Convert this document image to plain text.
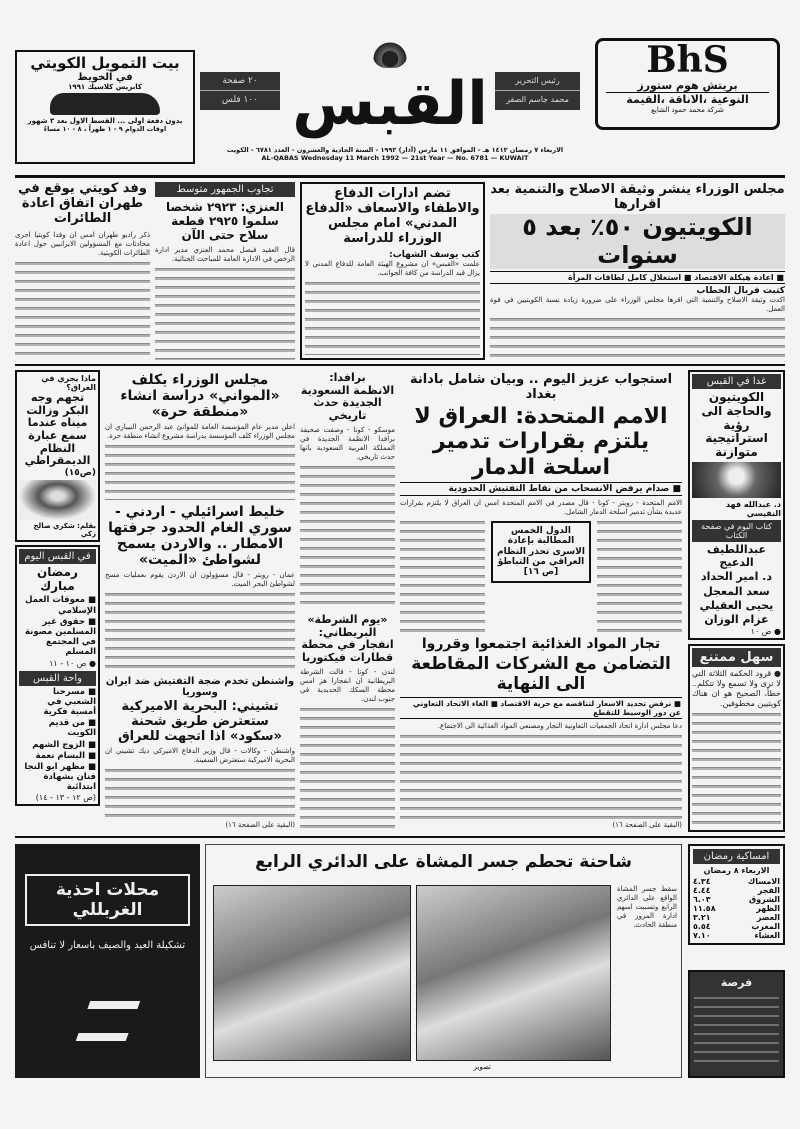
BhS
بريتش هوم ستورز
النوعية ،الاناقة ،القيمة
شركة محمد حمود الشايع
رئيس التحرير
محمد جاسم الصقر
القبس
٢٠ صفحة
١٠٠ فلس
الاربعاء ٧ رمضان ١٤١٢ هـ - الموافق ١١ مارس (آذار) ١٩٩٢ - السنة الحادية والعشرون - العدد ٦٧٨١ - الكويت
AL-QABAS Wednesday 11 March 1992 — 21st Year — No. 6781 — KUWAIT
بيت التمويل الكويتي
في الخويط
كابريس كلاسيك ١٩٩١
بدون دفعة اولى ... القسط الاول بعد ٣ شهور
اوقات الدوام ٩ - ١ ظهراً ، ٨ - ١٠ مساءً
مجلس الوزراء ينشر وثيقة الاصلاح والتنمية بعد اقرارها
الكويتيون ٥٠٪ بعد ٥ سنوات
■ اعادة هيكلة الاقتصاد ■ استغلال كامل لطاقات المرأة
كتبت فريال الحطاب
اكدت وثيقة الاصلاح والتنمية التي اقرها مجلس الوزراء على ضرورة زيادة نسبة الكويتيين في قوة العمل.
تضم ادارات الدفاع والاطفاء والاسعاف «الدفاع المدني» امام مجلس الوزراء للدراسة
كتب يوسف الشهاب:
علمت «القبس» ان مشروع الهيئة العامة للدفاع المدني لا يزال قيد الدراسة من كافة الجوانب.
تجاوب الجمهور متوسط
العنزي: ٢٩٢٣ شخصا سلموا ٢٩٢٥ قطعة سلاح حتى الآن
قال العقيد فيصل محمد العنزي مدير ادارة الرخص في الادارة العامة للمباحث الجنائية.
وفد كويتي يوقع في طهران اتفاق اعادة الطائرات
ذكر راديو طهران امس ان وفدا كويتيا اجرى محادثات مع المسؤولين الايرانيين حول اعادة الطائرات الكويتية.
غدا في القبس
الكويتيون والحاجة الى رؤية استراتيجية متوازنة
د. عبدالله فهد النفيسي
كتاب اليوم في صفحة الكتاب
عبداللطيف الدعيج
د. امير الحداد
سعد المعجل
يحيى العقيلي
عزام الوزان
● ص ١٠
سهل ممتنع
● قرود الحكمة الثلاثة التي لا ترى ولا تسمع ولا تتكلم.. خطأ، الصحيح هو ان هناك كويتيين مخطوفين.
استجواب عزيز اليوم .. وبيان شامل بادانة بغداد
الامم المتحدة: العراق لا يلتزم بقرارات تدمير اسلحة الدمار
■ صدام يرفض الانسحاب من نقاط التفتيش الحدودية
الامم المتحدة - رويتر - كونا - قال مصدر في الامم المتحدة امس ان العراق لا يلتزم بقرارات عديدة بشأن تدمير اسلحة الدمار الشامل.
الدول الخمس المطالبة بإعادة الاسرى تحذر النظام العراقي من التباطؤ [ص ١٦]
تجار المواد الغذائية اجتمعوا وقرروا
التضامن مع الشركات المقاطعة الى النهاية
■ نرفض تحديد الاسعار لتناقضه مع حرية الاقتصاد ■ الغاء الاتحاد التعاوني عن دور الوسيط للتقطع
دعا مجلس ادارة اتحاد الجمعيات التعاونية التجار ومصنعي المواد الغذائية الى الاجتماع.
(البقية على الصفحة ١٦)
برافدا:
الانظمة السعودية الجديدة حدث تاريخي
موسكو - كونا - وصفت صحيفة برافدا الانظمة الجديدة في المملكة العربية السعودية بانها حدث تاريخي.
«يوم الشرطة» البريطاني: انفجار في محطة قطارات فيكتوريا
لندن - كونا - قالت الشرطة البريطانية ان انفجارا هز امس محطة السكك الحديدية في جنوب لندن.
مجلس الوزراء يكلف «المواني» دراسة انشاء «منطقة حرة»
اعلن مدير عام المؤسسة العامة للموانئ عبد الرحمن النيباري ان مجلس الوزراء كلف المؤسسة بدراسة مشروع انشاء منطقة حرة.
خليط اسرائيلي - اردني - سوري الغام الحدود جرفتها الامطار .. والاردن يسمح لشواطئ «الميت»
عمان - رويتر - قال مسؤولون ان الاردن يقوم بعمليات مسح لشواطئ البحر الميت.
واشنطن تخدم ضجة التفتيش ضد ايران وسوريا
تشيني: البحرية الاميركية ستعترض طريق شحنة «سكود» اذا اتجهت للعراق
واشنطن - وكالات - قال وزير الدفاع الاميركي ديك تشيني ان البحرية الاميركية ستعترض السفينة.
(البقية على الصفحة ١٦)
ماذا يجري في العراق؟
تجهم وجه البكر وزالت ميناه عندما سمع عبارة النظام الديمقراطي
(ص١٥)
بقلم: شكري صالح زكي
في القبس اليوم
رمضان مبارك
■ معوقات العمل الإسلامي
■ حقوق غير المسلمين مصونة في المجتمع المسلم
● ص ١٠ - ١١
واحة القبس
■ مسرحنا الشعبي في أمسية فكرية
■ من قديم الكويت
■ الزوج الشهم
■ البسام نعمة
■ مظهر ابو النجا فنان بشهادة ابتدائية
(ص ١٢ - ١٣ - ١٤)
امساكية رمضان
الاربعاء ٨ رمضان
الامساك	٤.٣٤
الفجر	٤.٤٤
الشروق	٦.٠٣
الظهر	١١.٥٨
العصر	٣.٢١
المغرب	٥.٥٤
العشاء	٧.١٠
فرصة
شاحنة تحطم جسر المشاة على الدائري الرابع
سقط جسر المشاة الواقع على الدائري الرابع وتسببت اسهم ادارة المرور في منطقة الحادث.
تصوير
محلات احذية الغربللي
تشكيلة العيد والصيف باسعار لا تنافس
